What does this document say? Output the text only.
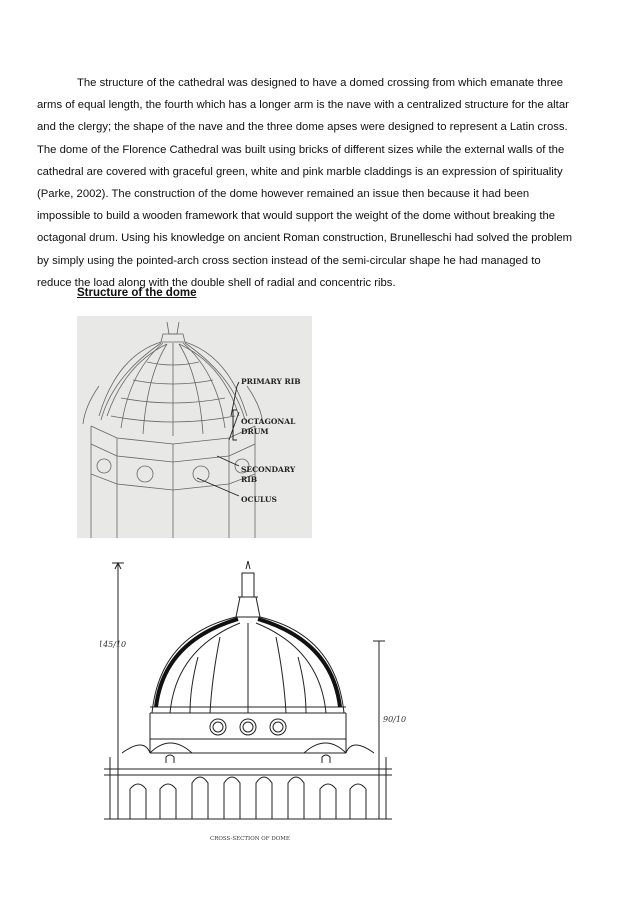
The structure of the cathedral was designed to have a domed crossing from which emanate three
arms of equal length, the fourth which has a longer arm is the nave with a centralized structure for the altar
and the clergy; the shape of the nave and the three dome apses were designed to represent a Latin cross.
The dome of the Florence Cathedral was built using bricks of different sizes while the external walls of the
cathedral are covered with graceful green, white and pink marble claddings is an expression of spirituality
(Parke, 2002). The construction of the dome however remained an issue then because it had been
impossible to build a wooden framework that would support the weight of the dome without breaking the
octagonal drum. Using his knowledge on ancient Roman construction, Brunelleschi had solved the problem
by simply using the pointed-arch cross section instead of the semi-circular shape he had managed to
reduce the load along with the double shell of radial and concentric ribs.

Structure of the dome

PRIMARY RIB
OCTAGONAL
DRUM
SECONDARY
RIB
OCULUS
145/10
90/10
CROSS-SECTION OF DOME
